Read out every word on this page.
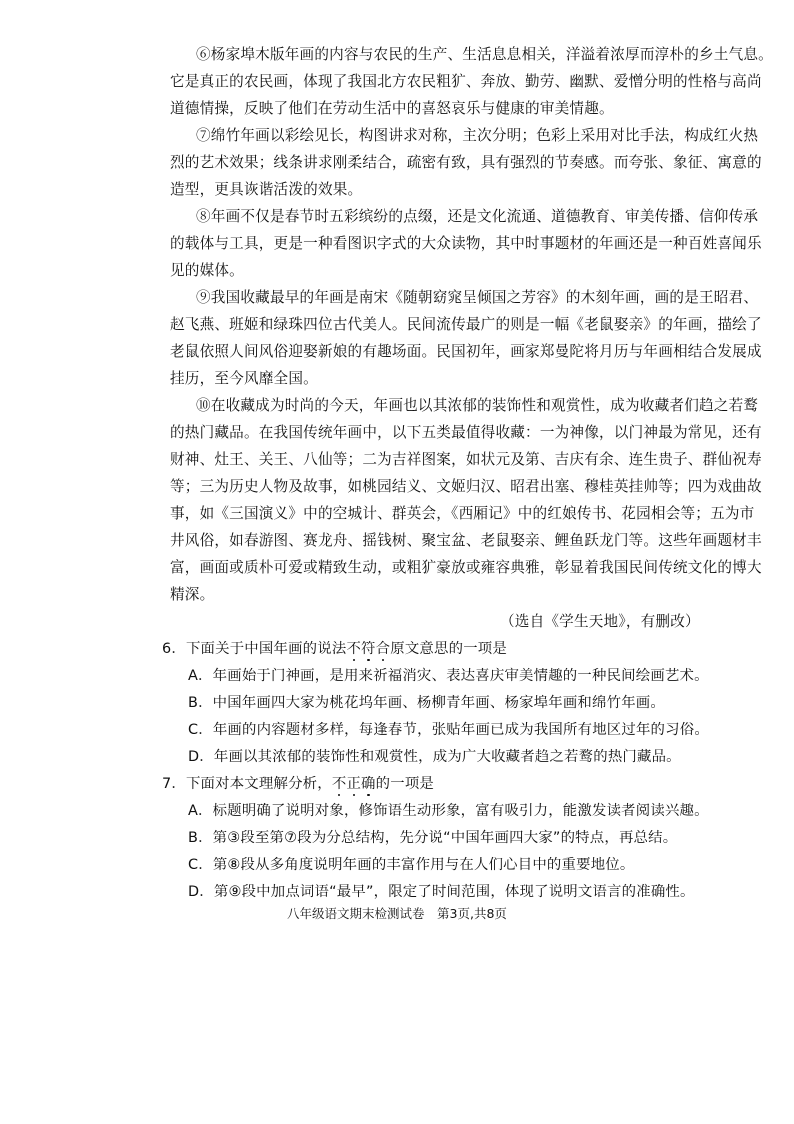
⑥杨家埠木版年画的内容与农民的生产、生活息息相关，洋溢着浓厚而淳朴的乡土气息。
它是真正的农民画，体现了我国北方农民粗犷、奔放、勤劳、幽默、爱憎分明的性格与高尚
道德情操，反映了他们在劳动生活中的喜怒哀乐与健康的审美情趣。
⑦绵竹年画以彩绘见长，构图讲求对称，主次分明；色彩上采用对比手法，构成红火热
烈的艺术效果；线条讲求刚柔结合，疏密有致，具有强烈的节奏感。而夸张、象征、寓意的
造型，更具诙谐活泼的效果。
⑧年画不仅是春节时五彩缤纷的点缀，还是文化流通、道德教育、审美传播、信仰传承
的载体与工具，更是一种看图识字式的大众读物，其中时事题材的年画还是一种百姓喜闻乐
见的媒体。
⑨我国收藏最早的年画是南宋《随朝窈窕呈倾国之芳容》的木刻年画，画的是王昭君、
赵飞燕、班姬和绿珠四位古代美人。民间流传最广的则是一幅《老鼠娶亲》的年画，描绘了
老鼠依照人间风俗迎娶新娘的有趣场面。民国初年，画家郑曼陀将月历与年画相结合发展成
挂历，至今风靡全国。
⑩在收藏成为时尚的今天，年画也以其浓郁的装饰性和观赏性，成为收藏者们趋之若鹜
的热门藏品。在我国传统年画中，以下五类最值得收藏：一为神像，以门神最为常见，还有
财神、灶王、关王、八仙等；二为吉祥图案，如状元及第、吉庆有余、连生贵子、群仙祝寿
等；三为历史人物及故事，如桃园结义、文姬归汉、昭君出塞、穆桂英挂帅等；四为戏曲故
事，如《三国演义》中的空城计、群英会，《西厢记》中的红娘传书、花园相会等；五为市
井风俗，如春游图、赛龙舟、摇钱树、聚宝盆、老鼠娶亲、鲤鱼跃龙门等。这些年画题材丰
富，画面或质朴可爱或精致生动，或粗犷豪放或雍容典雅，彰显着我国民间传统文化的博大
精深。
（选自《学生天地》，有删改）
6．下面关于中国年画的说法不符合原文意思的一项是
A．年画始于门神画，是用来祈福消灾、表达喜庆审美情趣的一种民间绘画艺术。
B．中国年画四大家为桃花坞年画、杨柳青年画、杨家埠年画和绵竹年画。
C．年画的内容题材多样，每逢春节，张贴年画已成为我国所有地区过年的习俗。
D．年画以其浓郁的装饰性和观赏性，成为广大收藏者趋之若鹜的热门藏品。
7．下面对本文理解分析，不正确的一项是
A．标题明确了说明对象，修饰语生动形象，富有吸引力，能激发读者阅读兴趣。
B．第③段至第⑦段为分总结构，先分说“中国年画四大家”的特点，再总结。
C．第⑧段从多角度说明年画的丰富作用与在人们心目中的重要地位。
D．第⑨段中加点词语“最早”，限定了时间范围，体现了说明文语言的准确性。
八年级语文期末检测试卷　第3页,共8页
